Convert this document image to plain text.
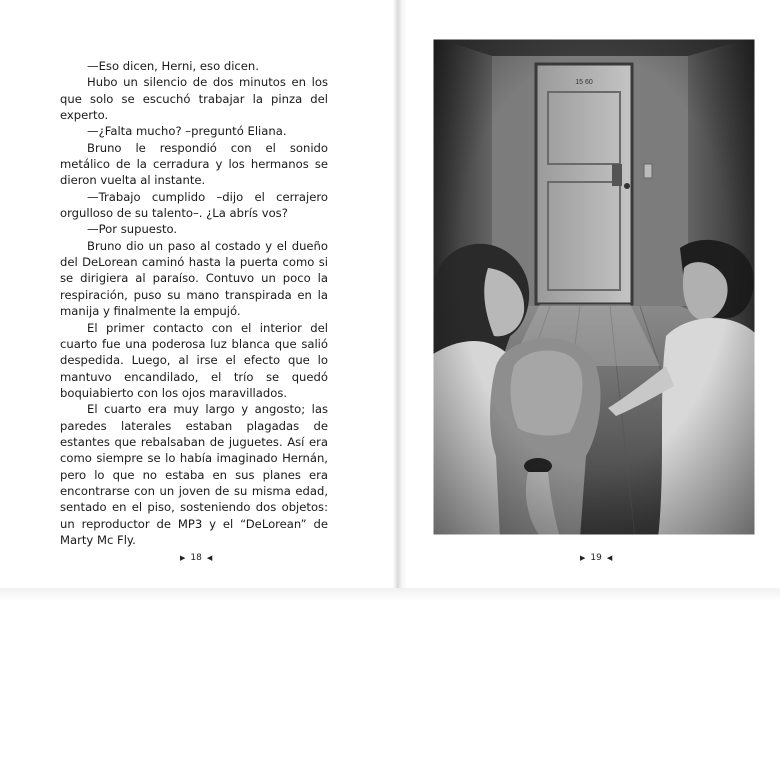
—Eso dicen, Herni, eso dicen.

Hubo un silencio de dos minutos en los que solo se escuchó trabajar la pinza del experto.

—¿Falta mucho? –preguntó Eliana.

Bruno le respondió con el sonido metálico de la cerradura y los hermanos se dieron vuelta al instante.

—Trabajo cumplido –dijo el cerrajero orgulloso de su talento–. ¿La abrís vos?

—Por supuesto.

Bruno dio un paso al costado y el dueño del DeLorean caminó hasta la puerta como si se dirigiera al paraíso. Contuvo un poco la respiración, puso su mano transpirada en la manija y finalmente la empujó.

El primer contacto con el interior del cuarto fue una poderosa luz blanca que salió despedida. Luego, al irse el efecto que lo mantuvo encandilado, el trío se quedó boquiabierto con los ojos maravillados.

El cuarto era muy largo y angosto; las paredes laterales estaban plagadas de estantes que rebalsaban de juguetes. Así era como siempre se lo había imaginado Hernán, pero lo que no estaba en sus planes era encontrarse con un joven de su misma edad, sentado en el piso, sosteniendo dos objetos: un reproductor de MP3 y el “DeLorean” de Marty Mc Fly.

▶ 18 ◀	▶ 19 ◀
